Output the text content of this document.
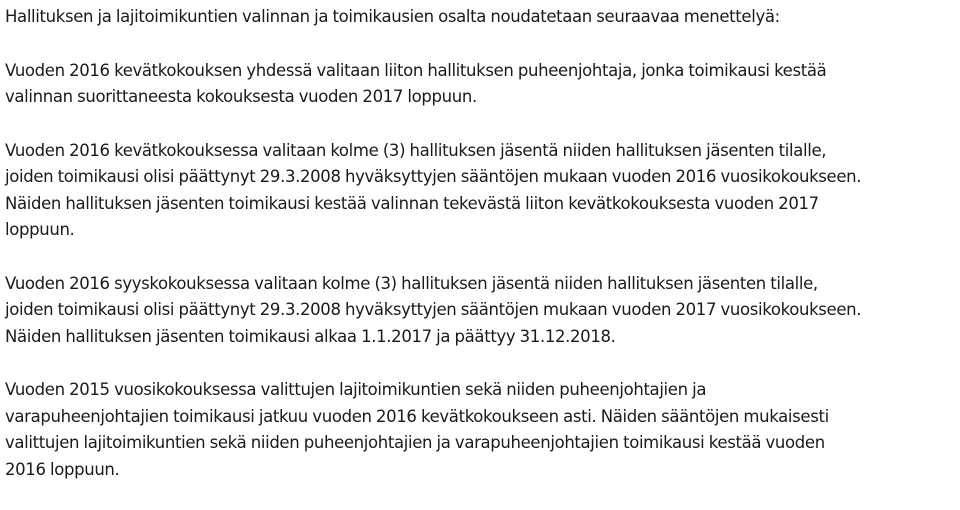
Hallituksen ja lajitoimikuntien valinnan ja toimikausien osalta noudatetaan seuraavaa menettelyä:
Vuoden 2016 kevätkokouksen yhdessä valitaan liiton hallituksen puheenjohtaja, jonka toimikausi kestää
valinnan suorittaneesta kokouksesta vuoden 2017 loppuun.
Vuoden 2016 kevätkokouksessa valitaan kolme (3) hallituksen jäsentä niiden hallituksen jäsenten tilalle,
joiden toimikausi olisi päättynyt 29.3.2008 hyväksyttyjen sääntöjen mukaan vuoden 2016 vuosikokoukseen.
Näiden hallituksen jäsenten toimikausi kestää valinnan tekevästä liiton kevätkokouksesta vuoden 2017
loppuun.
Vuoden 2016 syyskokouksessa valitaan kolme (3) hallituksen jäsentä niiden hallituksen jäsenten tilalle,
joiden toimikausi olisi päättynyt 29.3.2008 hyväksyttyjen sääntöjen mukaan vuoden 2017 vuosikokoukseen.
Näiden hallituksen jäsenten toimikausi alkaa 1.1.2017 ja päättyy 31.12.2018.
Vuoden 2015 vuosikokouksessa valittujen lajitoimikuntien sekä niiden puheenjohtajien ja
varapuheenjohtajien toimikausi jatkuu vuoden 2016 kevätkokoukseen asti. Näiden sääntöjen mukaisesti
valittujen lajitoimikuntien sekä niiden puheenjohtajien ja varapuheenjohtajien toimikausi kestää vuoden
2016 loppuun.
